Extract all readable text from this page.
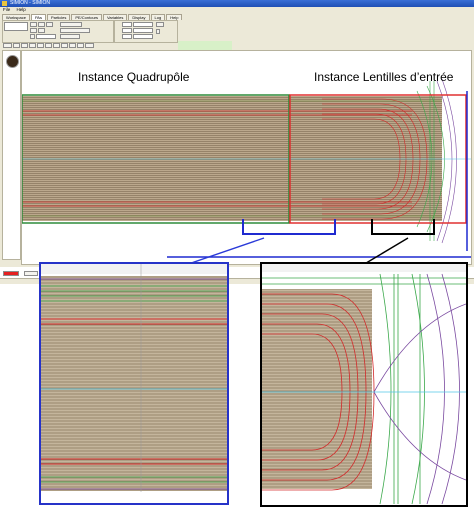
SIMION - SIMION
File Help
Workspace	PAs	Particles	PE/Contours	Variables	Display	Log	Help
Instance Quadrupôle	Instance Lentilles d’entrée
